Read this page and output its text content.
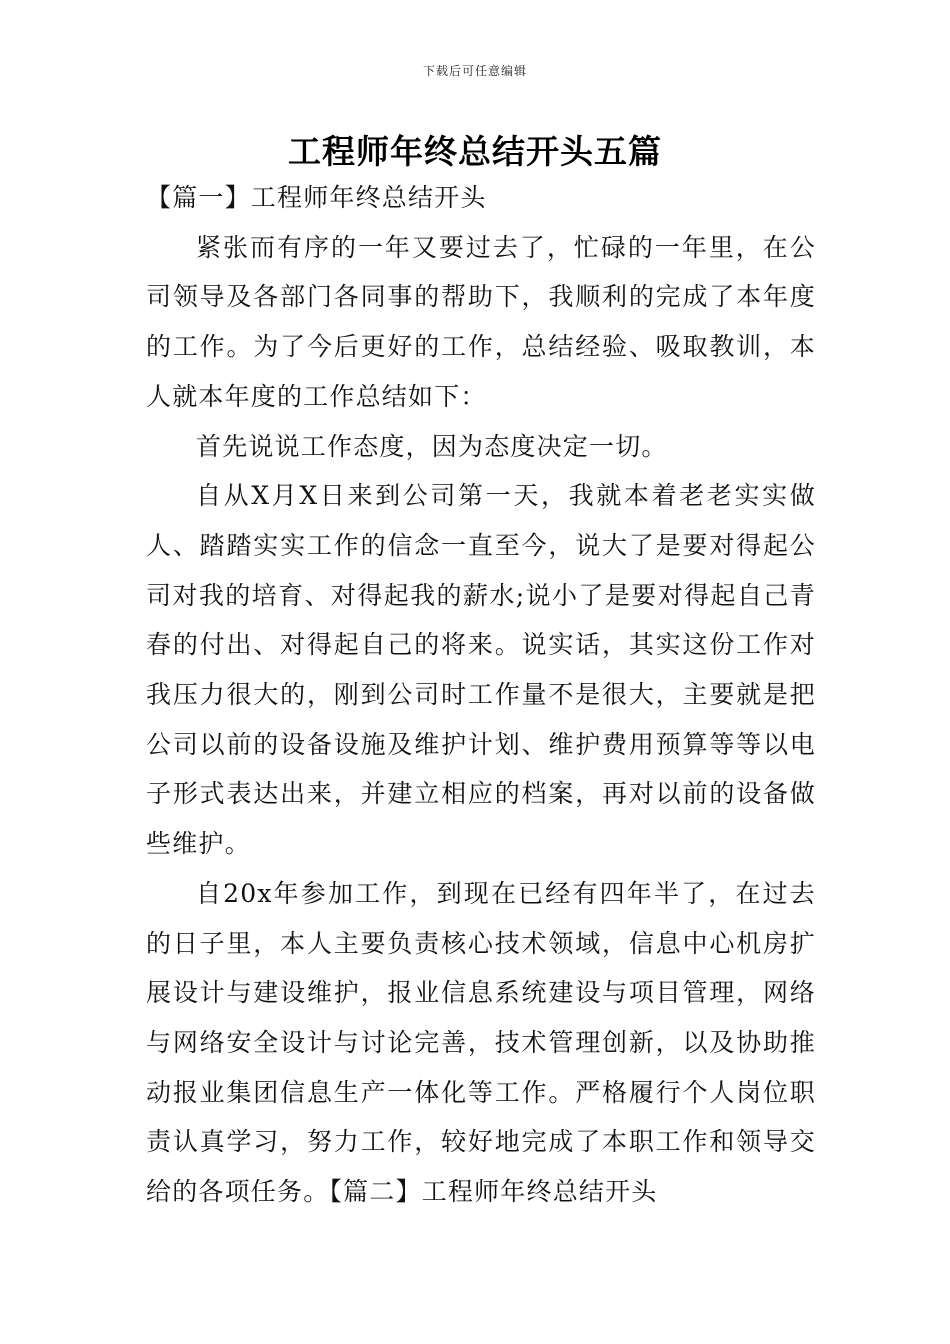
下载后可任意编辑
工程师年终总结开头五篇

【篇一】工程师年终总结开头

紧张而有序的一年又要过去了，忙碌的一年里，在公司领导及各部门各同事的帮助下，我顺利的完成了本年度的工作。为了今后更好的工作，总结经验、吸取教训，本人就本年度的工作总结如下：

首先说说工作态度，因为态度决定一切。

自从X月X日来到公司第一天，我就本着老老实实做人、踏踏实实工作的信念一直至今，说大了是要对得起公司对我的培育、对得起我的薪水;说小了是要对得起自己青春的付出、对得起自己的将来。说实话，其实这份工作对我压力很大的，刚到公司时工作量不是很大，主要就是把公司以前的设备设施及维护计划、维护费用预算等等以电子形式表达出来，并建立相应的档案，再对以前的设备做些维护。

自20x年参加工作，到现在已经有四年半了，在过去的日子里，本人主要负责核心技术领域，信息中心机房扩展设计与建设维护，报业信息系统建设与项目管理，网络与网络安全设计与讨论完善，技术管理创新，以及协助推动报业集团信息生产一体化等工作。严格履行个人岗位职责认真学习，努力工作，较好地完成了本职工作和领导交给的各项任务。【篇二】工程师年终总结开头
